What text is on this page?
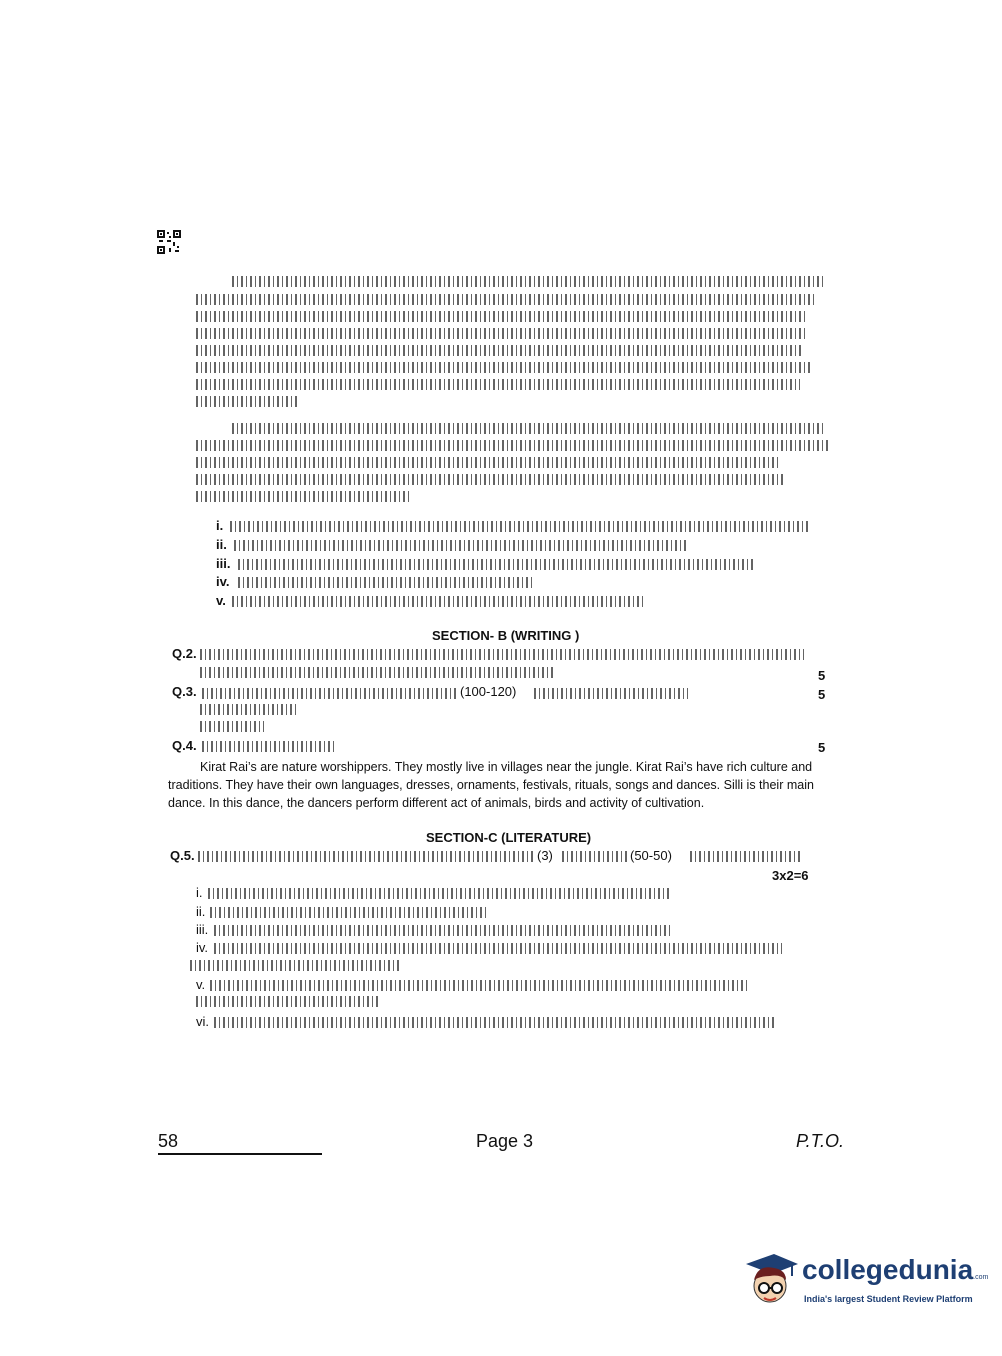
i.
ii.
iii.
iv.
v.
SECTION- B (WRITING )
Q.2.
5
Q.3.	(100-120)	5
Q.4.	5
Kirat Rai’s are nature worshippers. They mostly live in villages near the jungle. Kirat Rai’s have rich culture and traditions. They have their own languages, dresses, ornaments, festivals, rituals, songs and dances. Silli is their main dance. In this dance, the dancers perform different act of animals, birds and activity of cultivation.
SECTION-C (LITERATURE)
Q.5.	(3)	(50-50)
3x2=6
i.
ii.
iii.
iv.
v.
vi.
58	Page 3	P.T.O.
collegedunia.com
India's largest Student Review Platform
